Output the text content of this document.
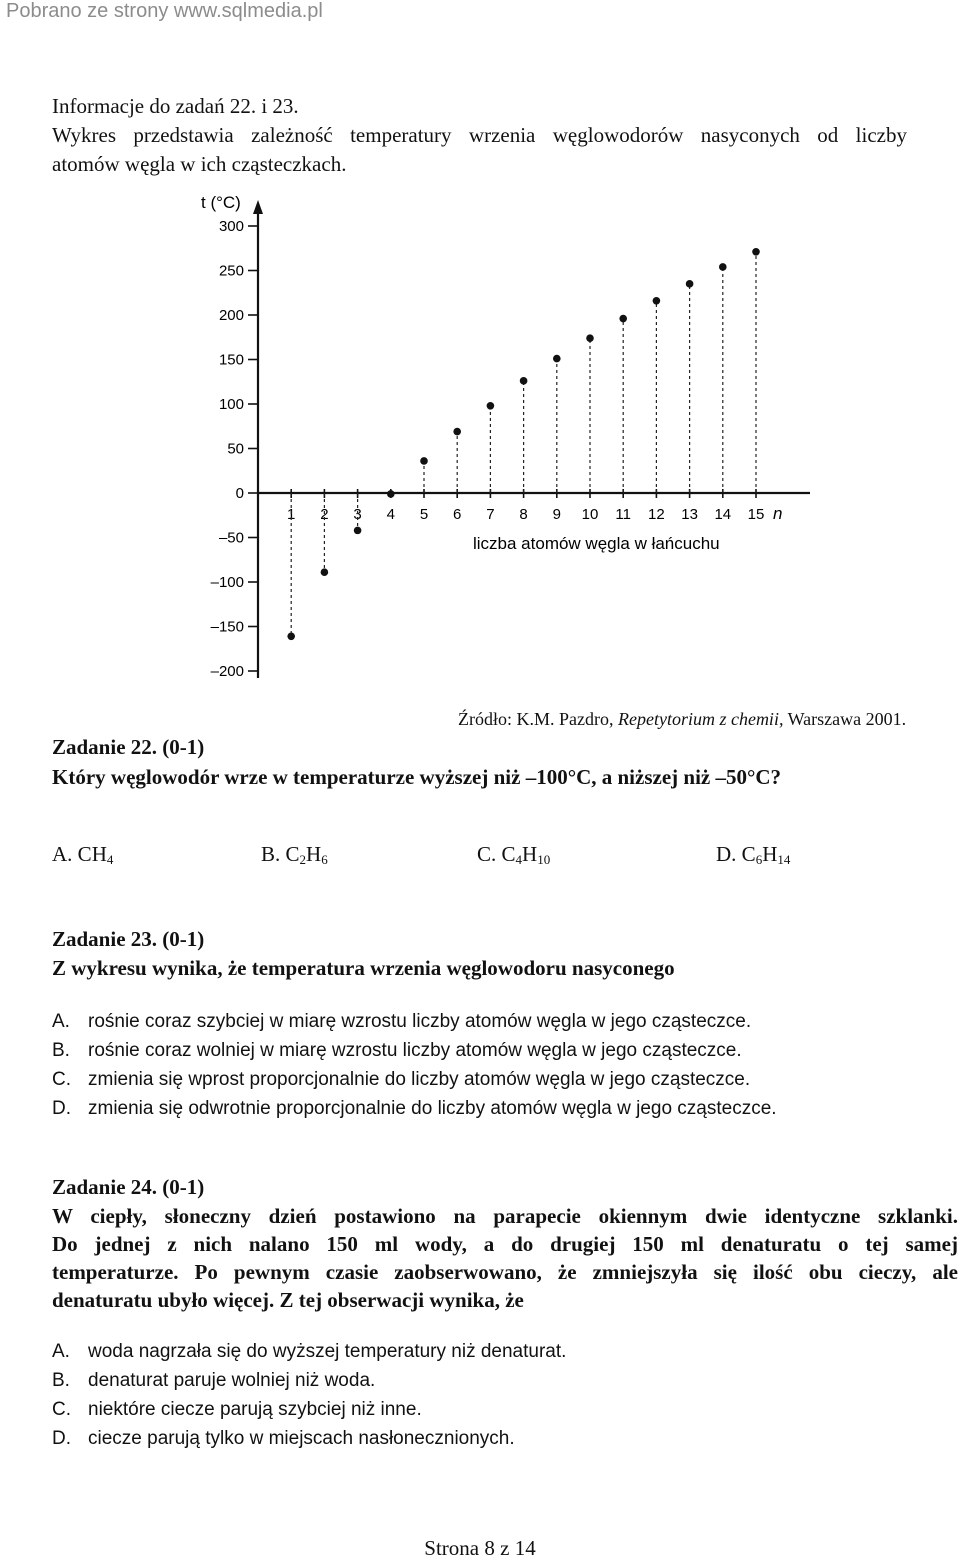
Pobrano ze strony www.sqlmedia.pl
Informacje do zadań 22. i 23.
Wykres przedstawia zależność temperatury wrzenia węglowodorów nasyconych od liczby
atomów węgla w ich cząsteczkach.
300
250
200
150
100
50
0
–50
–100
–150
–200
1 2 3 4 5 6 7 8 9 10 11 12 13 14 15
t (°C)
n
liczba atomów węgla w łańcuchu
Źródło: K.M. Pazdro, Repetytorium z chemii, Warszawa 2001.
Zadanie 22. (0-1)
Który węglowodór wrze w temperaturze wyższej niż –100°C, a niższej niż –50°C?
A. $CH_4$	B. $C_2H_6$	C. $C_4H_{10}$	D. $C_6H_{14}$
Zadanie 23. (0-1)
Z wykresu wynika, że temperatura wrzenia węglowodoru nasyconego
A. rośnie coraz szybciej w miarę wzrostu liczby atomów węgla w jego cząsteczce.
B. rośnie coraz wolniej w miarę wzrostu liczby atomów węgla w jego cząsteczce.
C. zmienia się wprost proporcjonalnie do liczby atomów węgla w jego cząsteczce.
D. zmienia się odwrotnie proporcjonalnie do liczby atomów węgla w jego cząsteczce.
Zadanie 24. (0-1)
W ciepły, słoneczny dzień postawiono na parapecie okiennym dwie identyczne szklanki.
Do jednej z nich nalano 150 ml wody, a do drugiej 150 ml denaturatu o tej samej
temperaturze. Po pewnym czasie zaobserwowano, że zmniejszyła się ilość obu cieczy, ale
denaturatu ubyło więcej. Z tej obserwacji wynika, że
A. woda nagrzała się do wyższej temperatury niż denaturat.
B. denaturat paruje wolniej niż woda.
C. niektóre ciecze parują szybciej niż inne.
D. ciecze parują tylko w miejscach nasłonecznionych.
Strona 8 z 14
